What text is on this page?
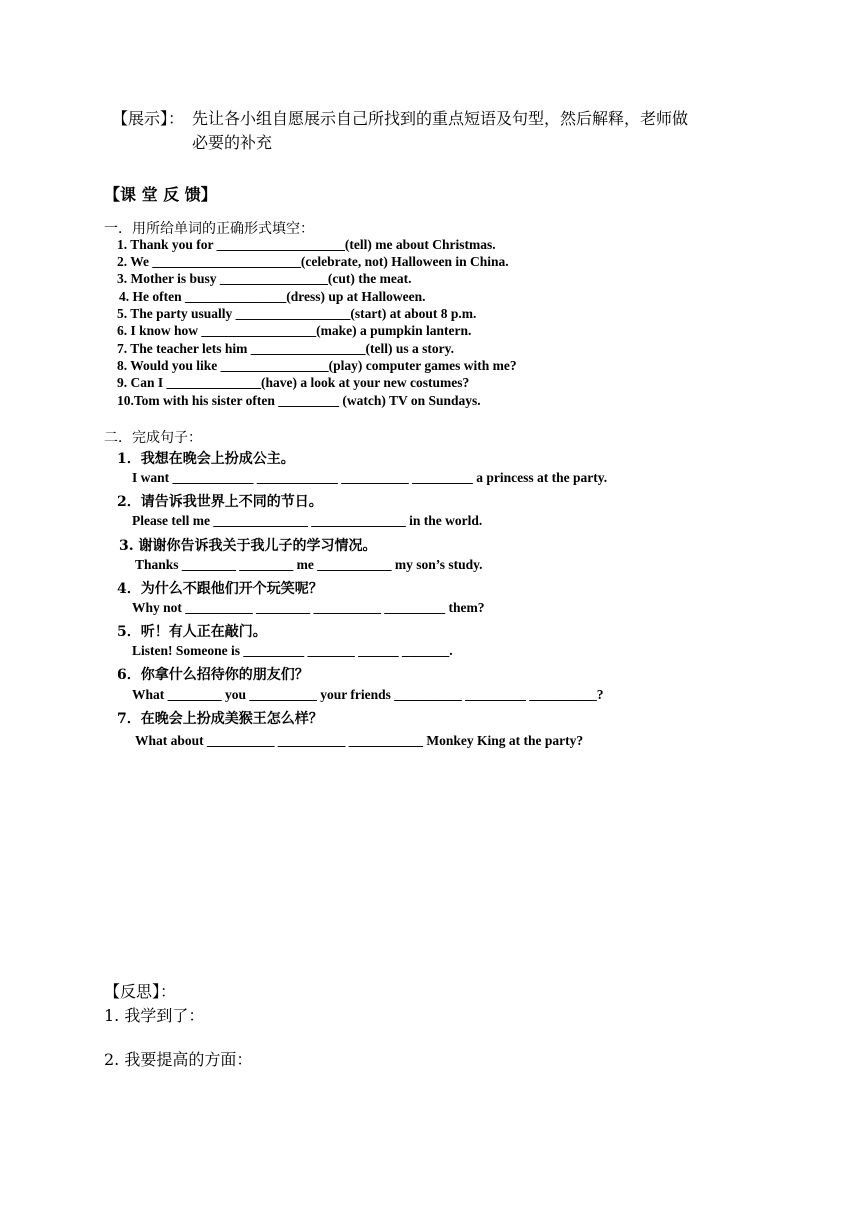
【展示】： 先让各小组自愿展示自己所找到的重点短语及句型，然后解释，老师做
必要的补充
【课 堂 反 馈】
一．用所给单词的正确形式填空：
1. Thank you for ___________________(tell) me about Christmas.
2. We ______________________(celebrate, not) Halloween in China.
3. Mother is busy ________________(cut) the meat.
4. He often _______________(dress) up at Halloween.
5. The party usually _________________(start) at about 8 p.m.
6. I know how _________________(make) a pumpkin lantern.
7. The teacher lets him _________________(tell) us a story.
8. Would you like ________________(play) computer games with me?
9. Can I ______________(have) a look at your new costumes?
10.Tom with his sister often _________ (watch) TV on Sundays.
二．完成句子：
1．我想在晚会上扮成公主。
I want ____________ ____________ __________ _________ a princess at the party.
2．请告诉我世界上不同的节日。
Please tell me ______________ ______________ in the world.
3. 谢谢你告诉我关于我儿子的学习情况。
Thanks ________ ________ me ___________ my son’s study.
4．为什么不跟他们开个玩笑呢？
Why not __________ ________ __________ _________ them?
5．听！有人正在敲门。
Listen! Someone is _________ _______ ______ _______.
6．你拿什么招待你的朋友们？
What ________ you __________ your friends __________ _________ __________?
7．在晚会上扮成美猴王怎么样？
What about __________ __________ ___________ Monkey King at the party?
【反思】：
1. 我学到了：
2. 我要提高的方面：
